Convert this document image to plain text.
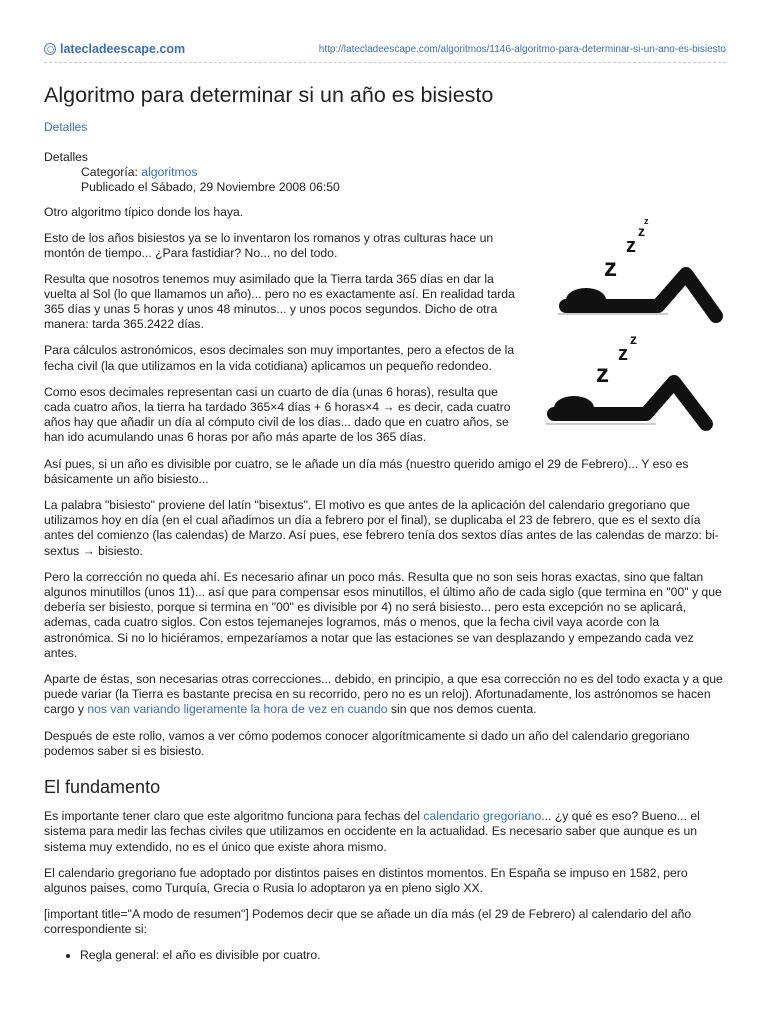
latecladeescape.com	http://latecladeescape.com/algoritmos/1146-algoritmo-para-determinar-si-un-ano-es-bisiesto
Algoritmo para determinar si un año es bisiesto
Detalles
Detalles
Categoría: algoritmos
Publicado el Sábado, 29 Noviembre 2008 06:50

Otro algoritmo típico donde los haya.

Esto de los años bisiestos ya se lo inventaron los romanos y otras culturas hace un montón de tiempo... ¿Para fastidiar? No... no del todo.

Resulta que nosotros tenemos muy asimilado que la Tierra tarda 365 días en dar la vuelta al Sol (lo que llamamos un año)... pero no es exactamente así. En realidad tarda 365 días y unas 5 horas y unos 48 minutos... y unos pocos segundos. Dicho de otra manera: tarda 365.2422 días.

Para cálculos astronómicos, esos decimales son muy importantes, pero a efectos de la fecha civil (la que utilizamos en la vida cotidiana) aplicamos un pequeño redondeo.

Como esos decimales representan casi un cuarto de día (unas 6 horas), resulta que cada cuatro años, la tierra ha tardado 365×4 días + 6 horas×4 → es decir, cada cuatro años hay que añadir un día al cómputo civil de los días... dado que en cuatro años, se han ido acumulando unas 6 horas por año más aparte de los 365 días.

Así pues, si un año es divisible por cuatro, se le añade un día más (nuestro querido amigo el 29 de Febrero)... Y eso es básicamente un año bisiesto...

La palabra "bisiesto" proviene del latín "bisextus". El motivo es que antes de la aplicación del calendario gregoriano que utilizamos hoy en día (en el cual añadimos un día a febrero por el final), se duplicaba el 23 de febrero, que es el sexto día antes del comienzo (las calendas) de Marzo. Así pues, ese febrero tenía dos sextos días antes de las calendas de marzo: bi-sextus → bisiesto.

Pero la corrección no queda ahí. Es necesario afinar un poco más. Resulta que no son seis horas exactas, sino que faltan algunos minutillos (unos 11)... así que para compensar esos minutillos, el último año de cada siglo (que termina en "00" y que debería ser bisiesto, porque si termina en "00" es divisible por 4) no será bisiesto... pero esta excepción no se aplicará, ademas, cada cuatro siglos. Con estos tejemanejes logramos, más o menos, que la fecha civil vaya acorde con la astronómica. Si no lo hiciéramos, empezaríamos a notar que las estaciones se van desplazando y empezando cada vez antes.

Aparte de éstas, son necesarias otras correcciones... debido, en principio, a que esa corrección no es del todo exacta y a que puede variar (la Tierra es bastante precisa en su recorrido, pero no es un reloj). Afortunadamente, los astrónomos se hacen cargo y nos van variando ligeramente la hora de vez en cuando sin que nos demos cuenta.

Después de este rollo, vamos a ver cómo podemos conocer algorítmicamente si dado un año del calendario gregoriano podemos saber si es bisiesto.

El fundamento

Es importante tener claro que este algoritmo funciona para fechas del calendario gregoriano... ¿y qué es eso? Bueno... el sistema para medir las fechas civiles que utilizamos en occidente en la actualidad. Es necesario saber que aunque es un sistema muy extendido, no es el único que existe ahora mismo.

El calendario gregoriano fue adoptado por distintos paises en distintos momentos. En España se impuso en 1582, pero algunos paises, como Turquía, Grecia o Rusia lo adoptaron ya en pleno siglo XX.

[important title="A modo de resumen"] Podemos decir que se añade un día más (el 29 de Febrero) al calendario del año correspondiente si:

• Regla general: el año es divisible por cuatro.
z
z
z
z
z
z
z
